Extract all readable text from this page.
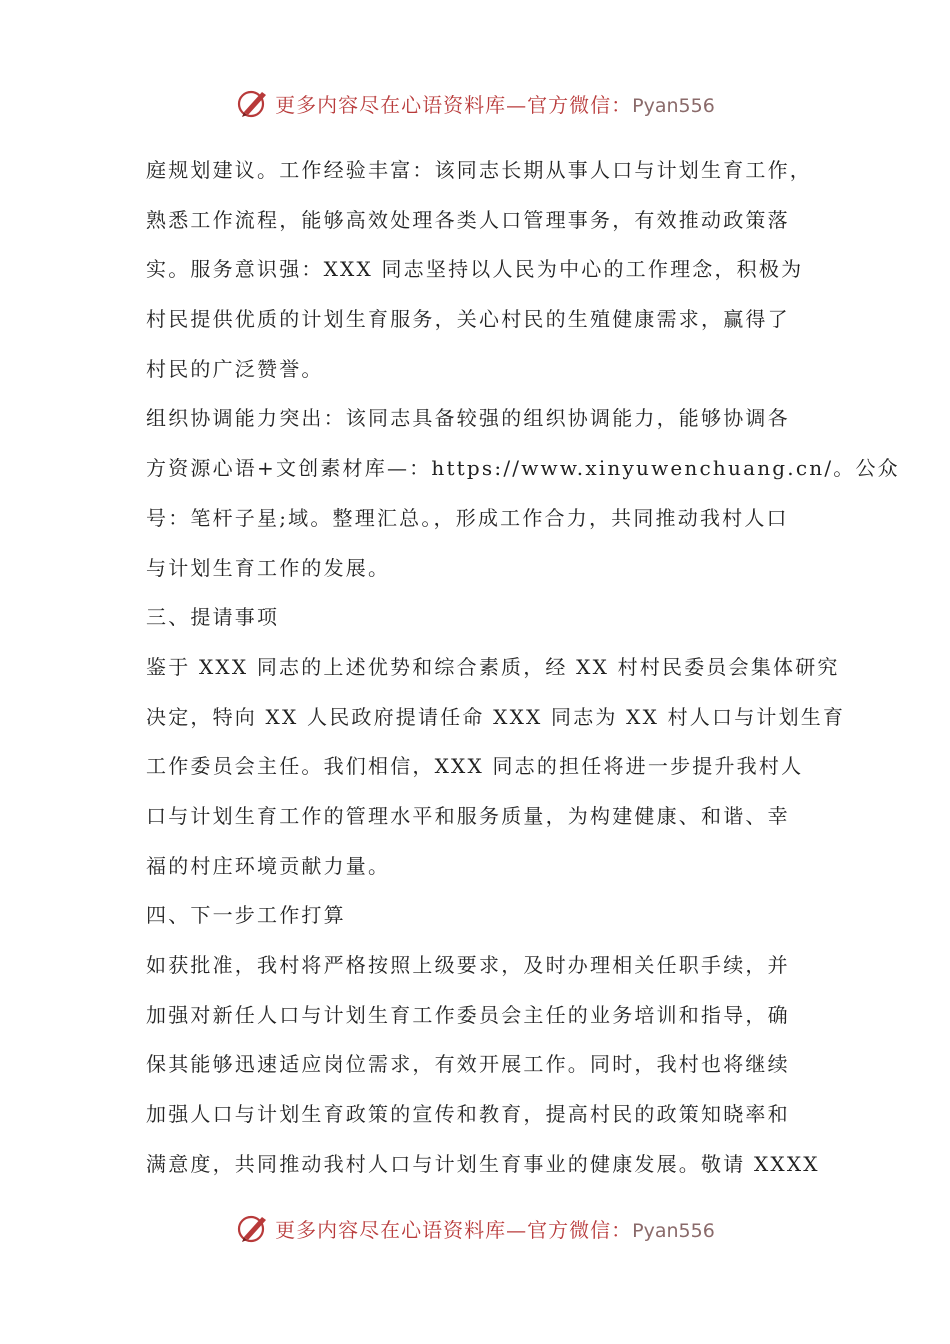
更多内容尽在心语资料库—官方微信：Pyan556
庭规划建议。工作经验丰富：该同志长期从事人口与计划生育工作，
熟悉工作流程，能够高效处理各类人口管理事务，有效推动政策落
实。服务意识强：XXX 同志坚持以人民为中心的工作理念，积极为
村民提供优质的计划生育服务，关心村民的生殖健康需求，赢得了
村民的广泛赞誉。
组织协调能力突出：该同志具备较强的组织协调能力，能够协调各
方资源心语+文创素材库—：https://www.xinyuwenchuang.cn/。公众
号：笔杆子星;域。整理汇总。，形成工作合力，共同推动我村人口
与计划生育工作的发展。
三、提请事项
鉴于 XXX 同志的上述优势和综合素质，经 XX 村村民委员会集体研究
决定，特向 XX 人民政府提请任命 XXX 同志为 XX 村人口与计划生育
工作委员会主任。我们相信，XXX 同志的担任将进一步提升我村人
口与计划生育工作的管理水平和服务质量，为构建健康、和谐、幸
福的村庄环境贡献力量。
四、下一步工作打算
如获批准，我村将严格按照上级要求，及时办理相关任职手续，并
加强对新任人口与计划生育工作委员会主任的业务培训和指导，确
保其能够迅速适应岗位需求，有效开展工作。同时，我村也将继续
加强人口与计划生育政策的宣传和教育，提高村民的政策知晓率和
满意度，共同推动我村人口与计划生育事业的健康发展。敬请 XXXX
更多内容尽在心语资料库—官方微信：Pyan556
